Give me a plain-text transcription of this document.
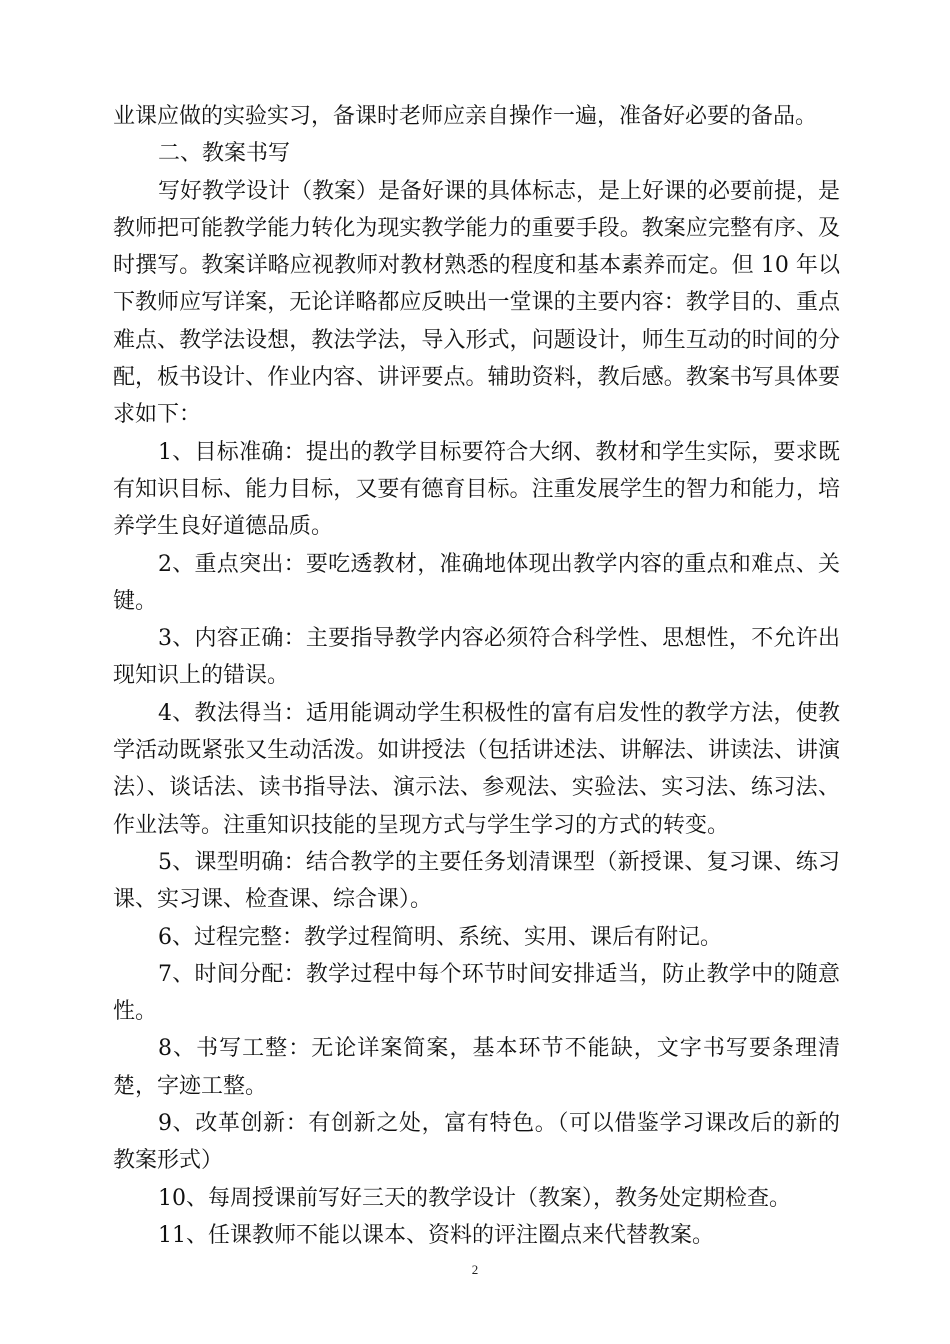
业课应做的实验实习，备课时老师应亲自操作一遍，准备好必要的备品。

二、教案书写

写好教学设计（教案）是备好课的具体标志，是上好课的必要前提，是教师把可能教学能力转化为现实教学能力的重要手段。教案应完整有序、及时撰写。教案详略应视教师对教材熟悉的程度和基本素养而定。但 10 年以下教师应写详案，无论详略都应反映出一堂课的主要内容：教学目的、重点难点、教学法设想，教法学法，导入形式，问题设计，师生互动的时间的分配，板书设计、作业内容、讲评要点。辅助资料，教后感。教案书写具体要求如下：

1、目标准确：提出的教学目标要符合大纲、教材和学生实际，要求既有知识目标、能力目标，又要有德育目标。注重发展学生的智力和能力，培养学生良好道德品质。

2、重点突出：要吃透教材，准确地体现出教学内容的重点和难点、关键。

3、内容正确：主要指导教学内容必须符合科学性、思想性，不允许出现知识上的错误。

4、教法得当：适用能调动学生积极性的富有启发性的教学方法，使教学活动既紧张又生动活泼。如讲授法（包括讲述法、讲解法、讲读法、讲演法）、谈话法、读书指导法、演示法、参观法、实验法、实习法、练习法、作业法等。注重知识技能的呈现方式与学生学习的方式的转变。

5、课型明确：结合教学的主要任务划清课型（新授课、复习课、练习课、实习课、检查课、综合课）。

6、过程完整：教学过程简明、系统、实用、课后有附记。

7、时间分配：教学过程中每个环节时间安排适当，防止教学中的随意性。

8、书写工整：无论详案简案，基本环节不能缺，文字书写要条理清楚，字迹工整。

9、改革创新：有创新之处，富有特色。（可以借鉴学习课改后的新的教案形式）

10、每周授课前写好三天的教学设计（教案），教务处定期检查。

11、任课教师不能以课本、资料的评注圈点来代替教案。

2
